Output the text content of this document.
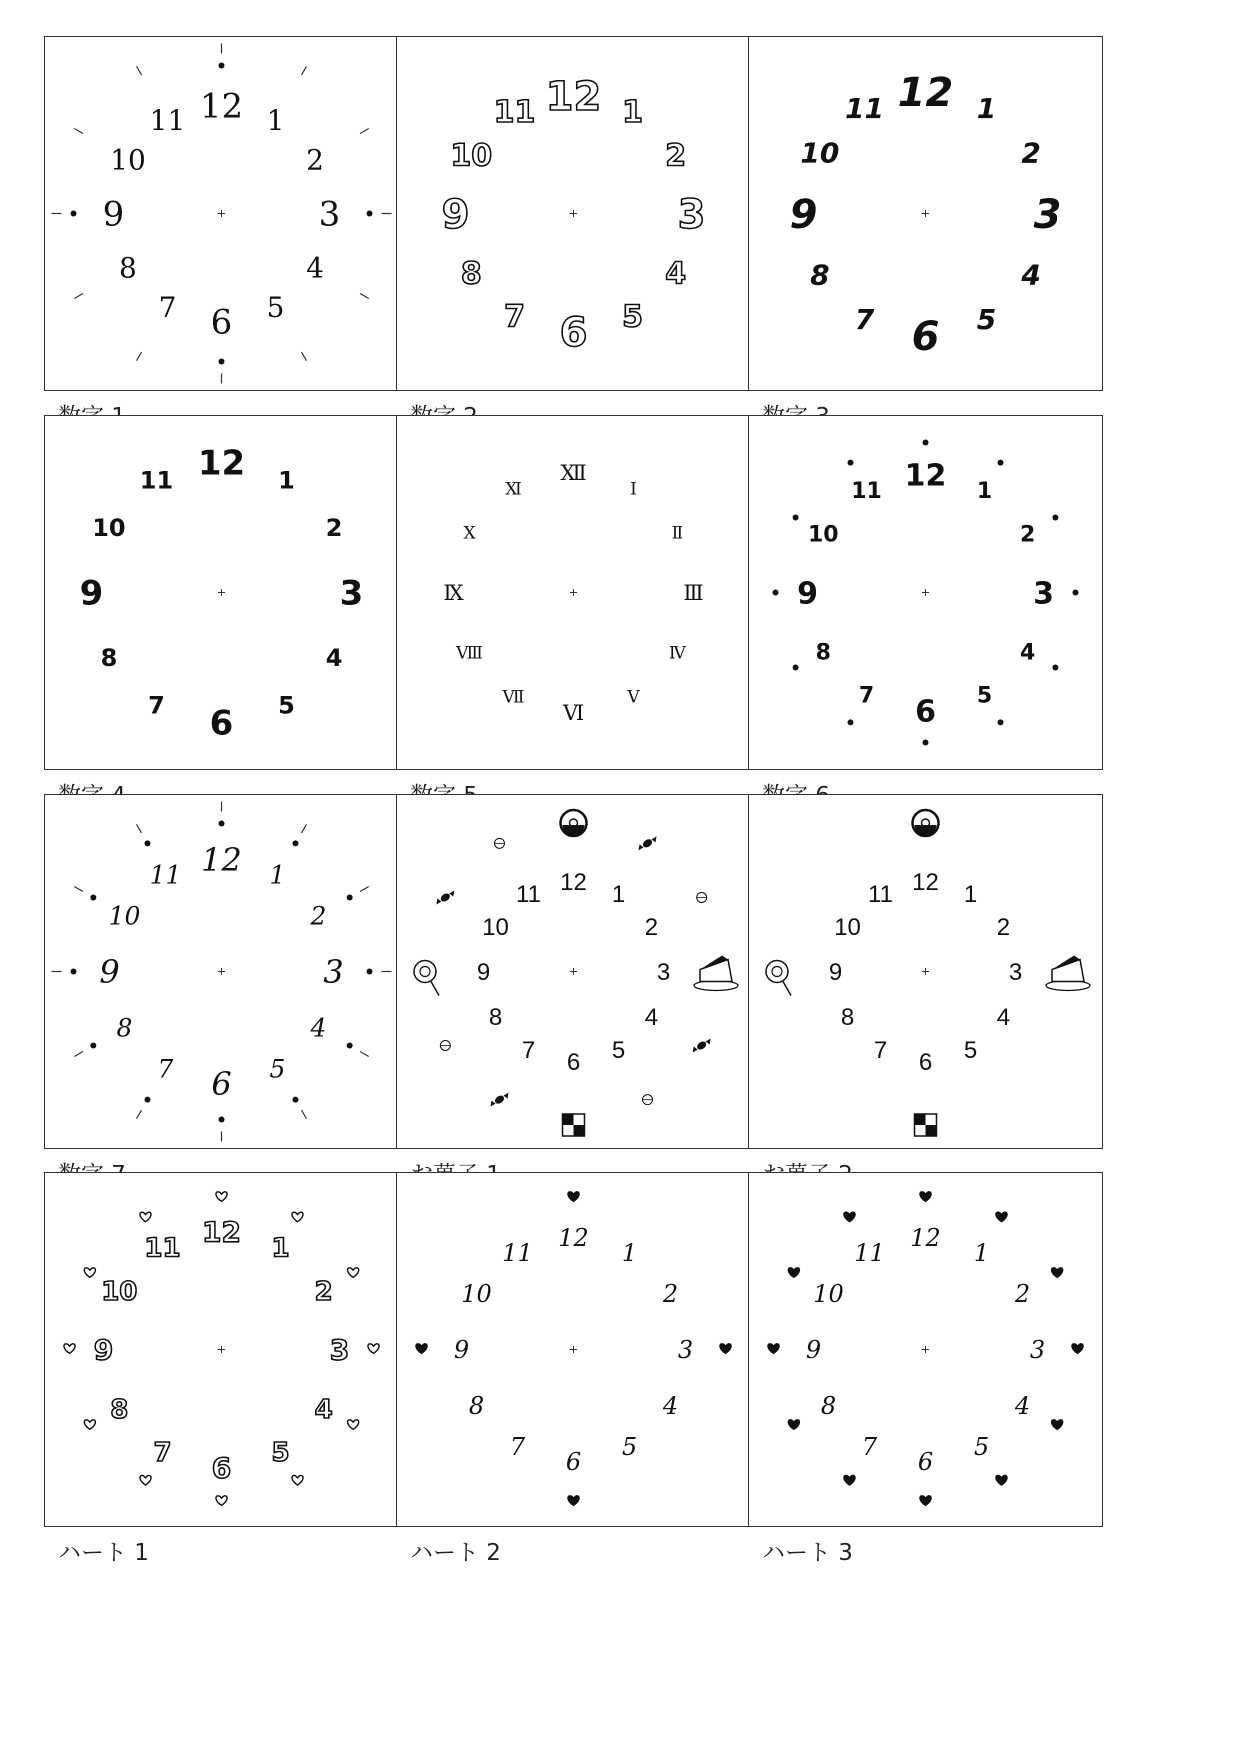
12 1
2
3
4
5
6
7
8
9
10
11
12 1
2
3
4
5
6
7
8
9
10
11	12 1
2
3
4
5
6
7
8
9
10
11
12 1
2
3
4
5
6
7
8
9
10
11	Ⅻ
Ⅰ
Ⅱ
Ⅲ
Ⅳ
Ⅴ
Ⅵ
Ⅶ
Ⅷ
Ⅸ
Ⅹ
Ⅺ	12 1
2
3
4
5
6
7
8
9
10
11
12 1
2
3
4
5
6
7
8
9
10
11	12 1
2
3
4
5
6
7
8
9
10
11	12 1
2
3
4
5
6
7
8
9
10
11
12
1
2
3
4
5
6
7
8
9
10
11
ハート 1
12
1
2
3
4
5
6
7
8
9
10
11
ハート 2
12
1
2
3
4
5
6
7
8
9
10
11
ハート 3
